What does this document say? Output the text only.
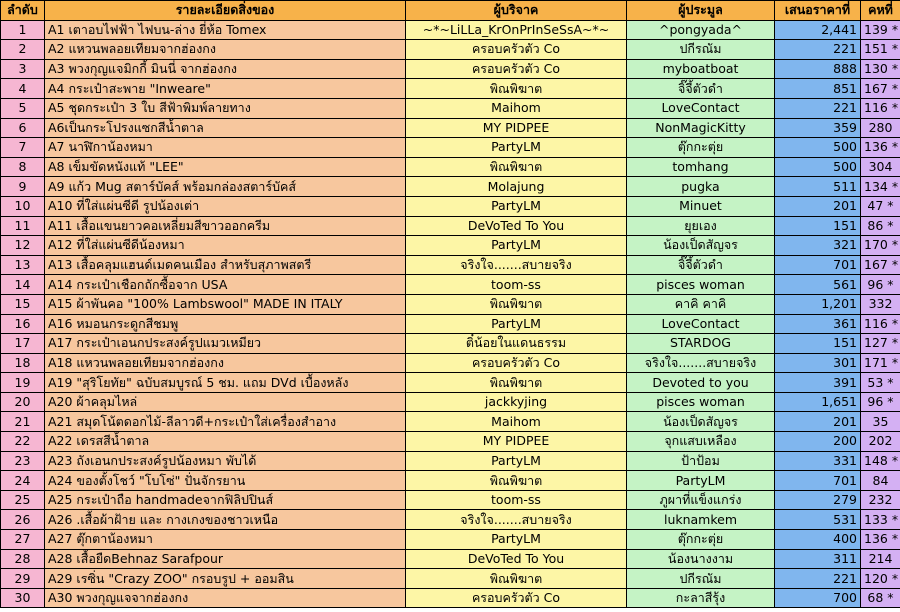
ลำดับ	รายละเอียดสิ่งของ	ผู้บริจาค	ผู้ประมูล	เสนอราคาที่	คหที่
1	A1 เตาอบไฟฟ้า ไฟบน-ล่าง ยี่ห้อ Tomex	~*~LiLLa_KrOnPrInSeSsA~*~	^pongyada^	2,441	139 *
2	A2 แหวนพลอยเทียมจากฮ่องกง	ครอบครัวตัว Co	ปกีรณัม	221	151 *
3	A3 พวงกุญแจมิกกี้ มินนี่ จากฮ่องกง	ครอบครัวตัว Co	myboatboat	888	130 *
4	A4 กระเป๋าสะพาย "Inweare"	พิณพิฆาต	จิ๊จี้ตัวดำ	851	167 *
5	A5 ชุดกระเป๋า 3 ใบ สีฟ้าพิมพ์ลายทาง	Maihom	LoveContact	221	116 *
6	A6เป็นกระโปรงแซกสีน้ำตาล	MY PIDPEE	NonMagicKitty	359	280
7	A7 นาฬิกาน้องหมา	PartyLM	ตุ๊กกะตุ่ย	500	136 *
8	A8 เข็มขัดหนังแท้ "LEE"	พิณพิฆาต	tomhang	500	304
9	A9 แก้ว Mug สตาร์บัคส์ พร้อมกล่องสตาร์บัคส์	Molajung	pugka	511	134 *
10	A10 ที่ใส่แผ่นซีดี รูปน้องเต่า	PartyLM	Minuet	201	47 *
11	A11 เสื้อแขนยาวคอเหลี่ยมสีขาวออกครีม	DeVoTed To You	ยุยเอง	151	86 *
12	A12 ที่ใส่แผ่นซีดีน้องหมา	PartyLM	น้องเป็ดสัญจร	321	170 *
13	A13 เสื้อคลุมแฮนด์เมดคนเมือง สำหรับสุภาพสตรี	จริงใจ.......สบายจริง	จิ๊จี้ตัวดำ	701	167 *
14	A14 กระเป๋าเชือกถักซื้อจาก USA	toom-ss	pisces woman	561	96 *
15	A15 ผ้าพันคอ "100% Lambswool" MADE IN ITALY	พิณพิฆาต	คาคิ คาคิ	1,201	332
16	A16 หมอนกระดูกสีชมพู	PartyLM	LoveContact	361	116 *
17	A17 กระเป๋าเอนกประสงค์รูปแมวเหมียว	ติ๋น้อยในแดนธรรม	STARDOG	151	127 *
18	A18 แหวนพลอยเทียมจากฮ่องกง	ครอบครัวตัว Co	จริงใจ.......สบายจริง	301	171 *
19	A19 "สุริโยทัย" ฉบับสมบูรณ์ 5 ชม. แถม DVd เบื้องหลัง	พิณพิฆาต	Devoted to you	391	53 *
20	A20 ผ้าคลุมไหล่	jackkyjing	pisces woman	1,651	96 *
21	A21 สมุดโน้ตดอกไม้-ลีลาวดี+กระเป๋าใส่เครื่องสำอาง	Maihom	น้องเป็ดสัญจร	201	35
22	A22 เดรสสีน้ำตาล	MY PIDPEE	จุกแสบเหลือง	200	202
23	A23 ถังเอนกประสงค์รูปน้องหมา พับได้	PartyLM	ป้าป้อม	331	148 *
24	A24 ของตั้งโชว์ "โบโซ่" ปั่นจักรยาน	พิณพิฆาต	PartyLM	701	84
25	A25 กระเป๋าถือ handmadeจากฟิลิปปินส์	toom-ss	ภูผาที่แข็งแกร่ง	279	232
26	A26 .เสื้อผ้าฝ้าย และ กางเกงของชาวเหนือ	จริงใจ.......สบายจริง	luknamkem	531	133 *
27	A27 ตุ๊กตาน้องหมา	PartyLM	ตุ๊กกะตุ่ย	400	136 *
28	A28 เสื้อยืดBehnaz Sarafpour	DeVoTed To You	น้องนางงาม	311	214
29	A29 เรซิ่น "Crazy ZOO" กรอบรูป + ออมสิน	พิณพิฆาต	ปกีรณัม	221	120 *
30	A30 พวงกุญแจจากฮ่องกง	ครอบครัวตัว Co	กะลาสีรุ้ง	700	68 *
